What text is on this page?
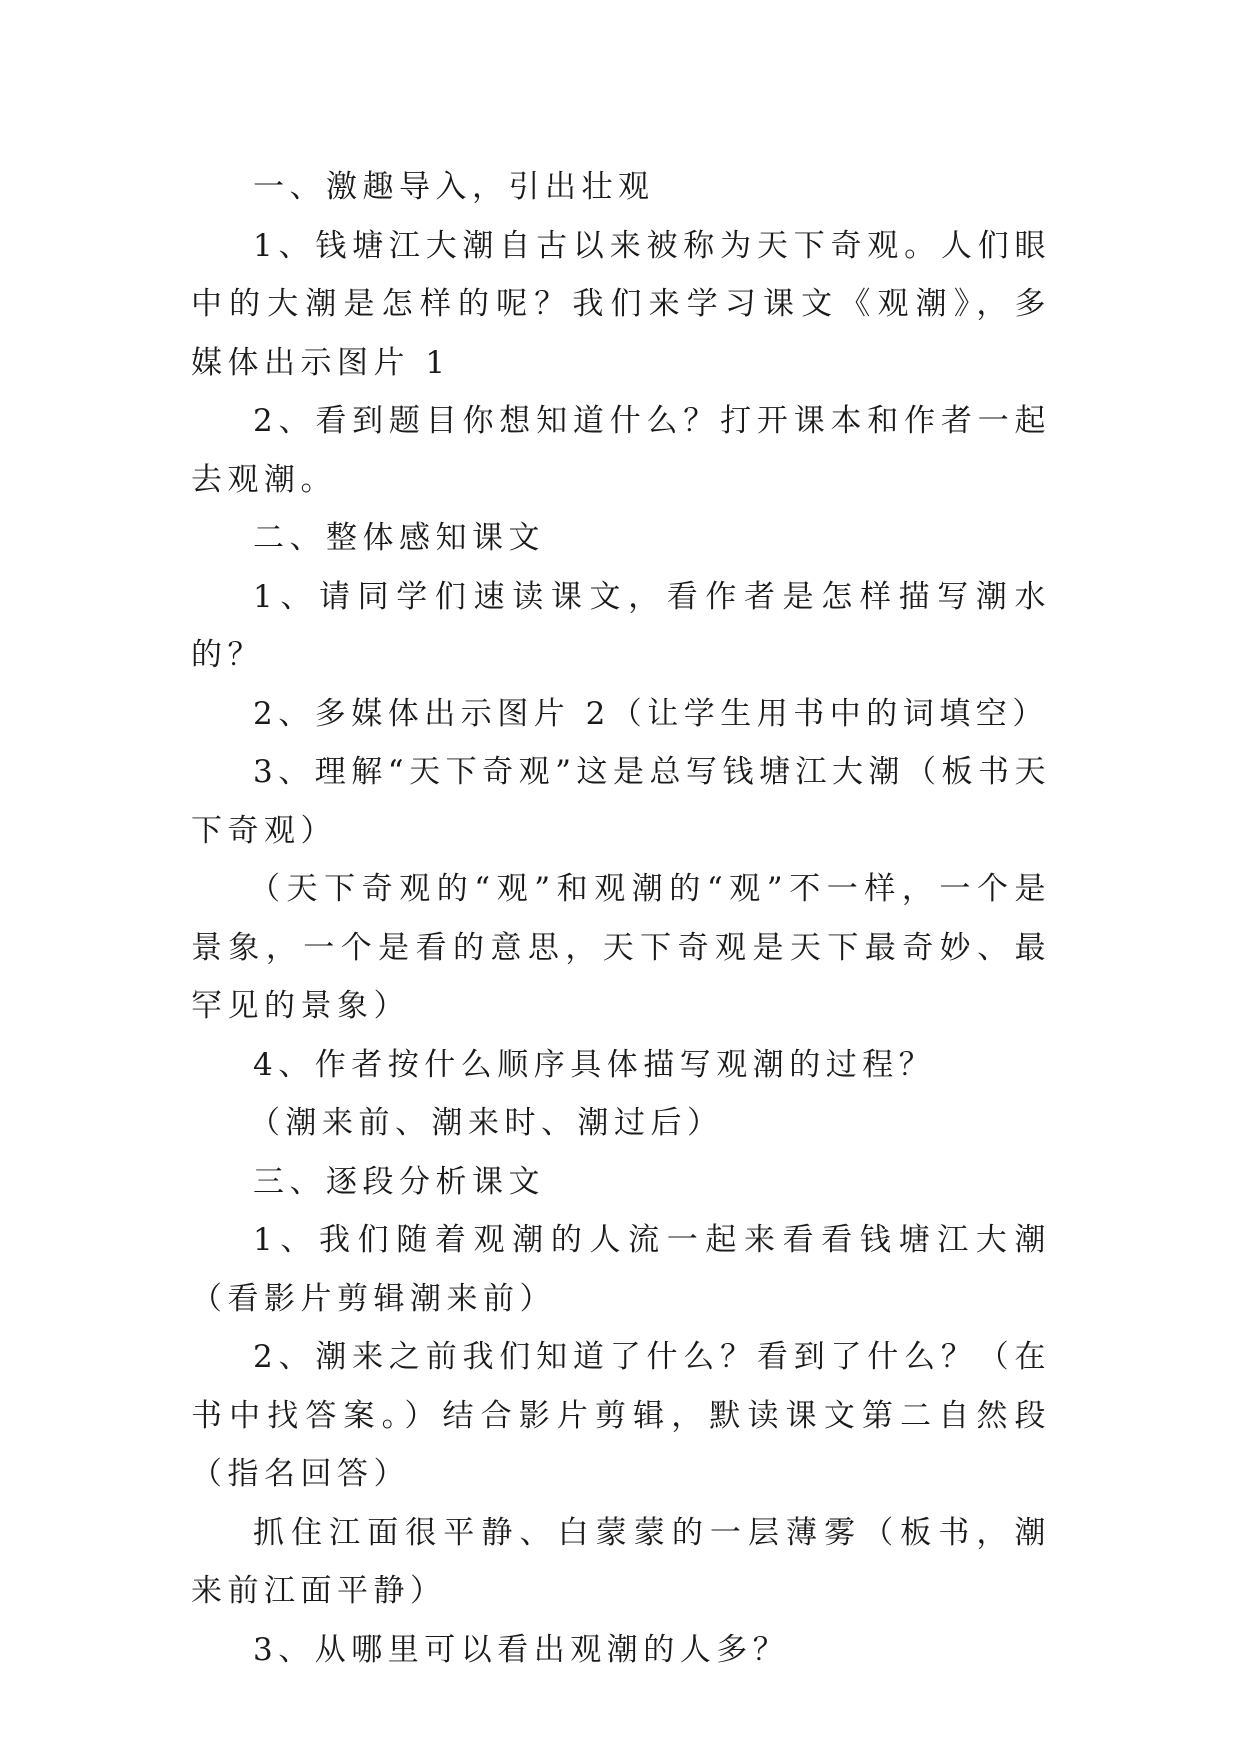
一、激趣导入，引出壮观

1、钱塘江大潮自古以来被称为天下奇观。人们眼中的大潮是怎样的呢？我们来学习课文《观潮》，多媒体出示图片 1

2、看到题目你想知道什么？打开课本和作者一起去观潮。

二、整体感知课文

1、请同学们速读课文，看作者是怎样描写潮水的？

2、多媒体出示图片 2（让学生用书中的词填空）

3、理解“天下奇观”这是总写钱塘江大潮（板书天下奇观）

（天下奇观的“观”和观潮的“观”不一样，一个是景象，一个是看的意思，天下奇观是天下最奇妙、最罕见的景象）

4、作者按什么顺序具体描写观潮的过程？

（潮来前、潮来时、潮过后）

三、逐段分析课文

1、我们随着观潮的人流一起来看看钱塘江大潮（看影片剪辑潮来前）

2、潮来之前我们知道了什么？看到了什么？（在书中找答案。）结合影片剪辑，默读课文第二自然段（指名回答）

抓住江面很平静、白蒙蒙的一层薄雾（板书，潮来前江面平静）

3、从哪里可以看出观潮的人多？
